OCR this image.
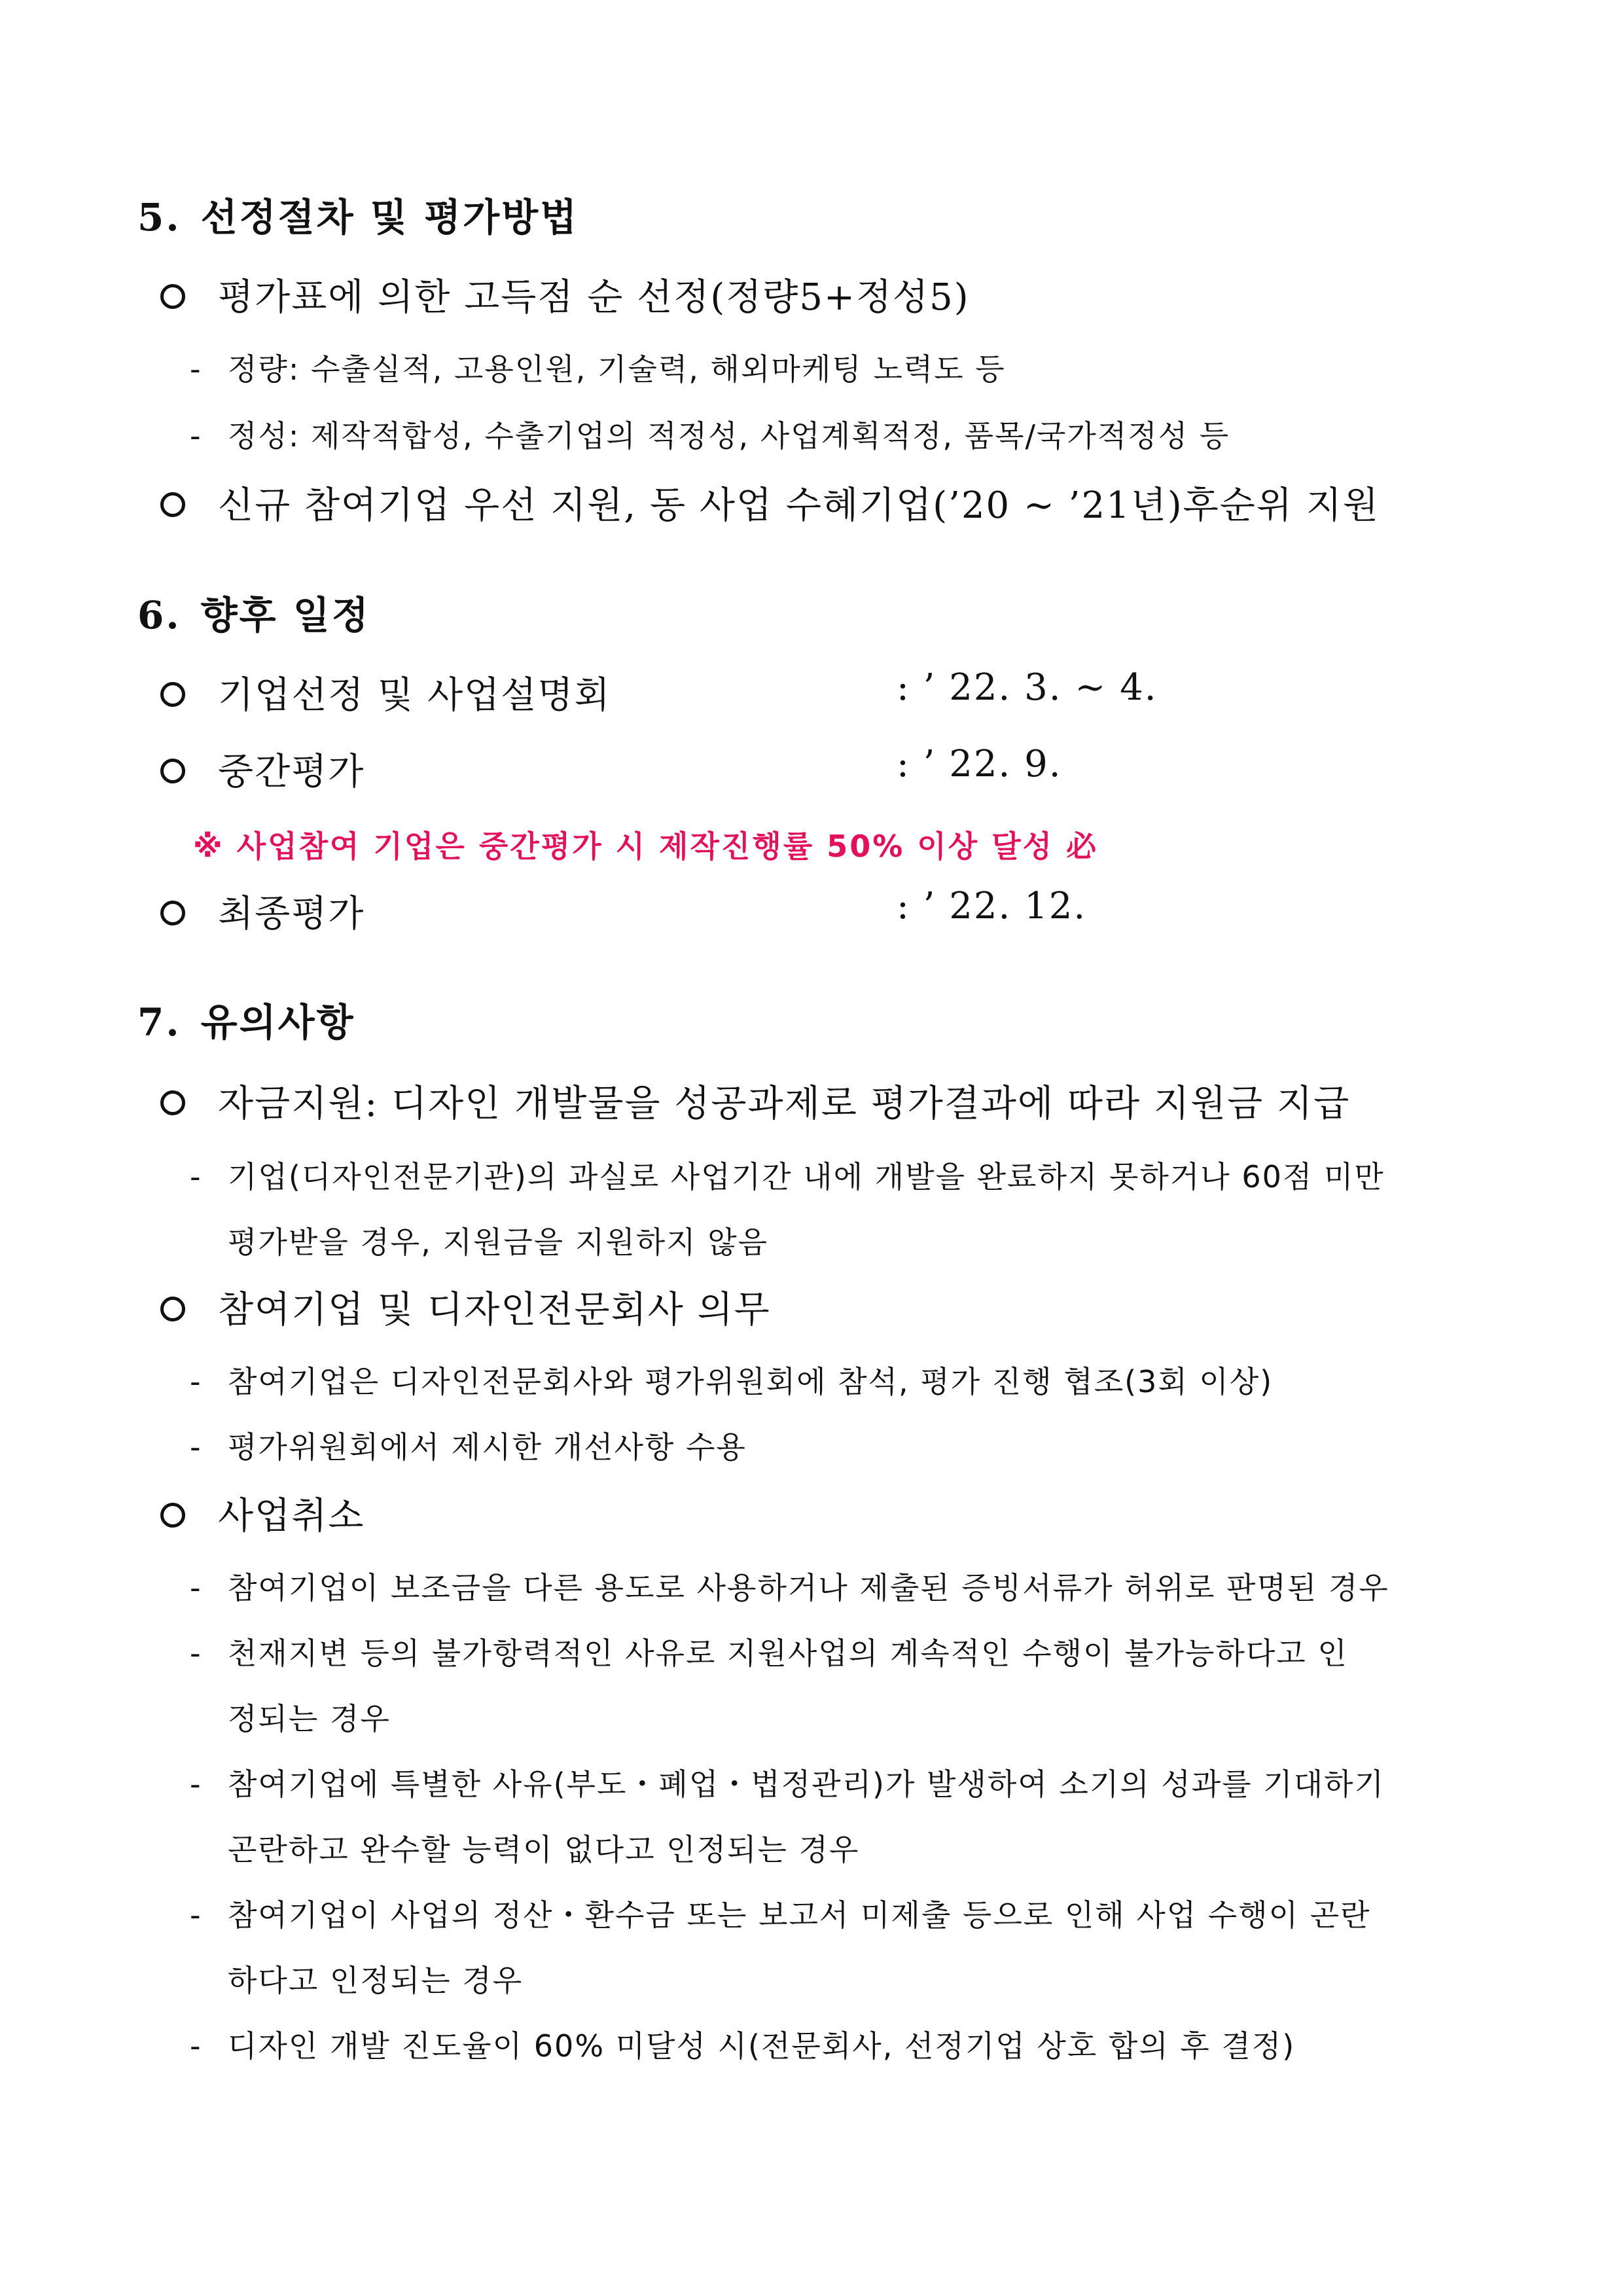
5. 선정절차 및 평가방법
평가표에 의한 고득점 순 선정(정량5+정성5)
- 정량: 수출실적, 고용인원, 기술력, 해외마케팅 노력도 등
- 정성: 제작적합성, 수출기업의 적정성, 사업계획적정, 품목/국가적정성 등
신규 참여기업 우선 지원, 동 사업 수혜기업(’20 ~ ’21년)후순위 지원
6. 향후 일정
기업선정 및 사업설명회	: ’ 22. 3. ~ 4.
중간평가	: ’ 22. 9.
※ 사업참여 기업은 중간평가 시 제작진행률 50% 이상 달성 必
최종평가	: ’ 22. 12.
7. 유의사항
자금지원: 디자인 개발물을 성공과제로 평가결과에 따라 지원금 지급
- 기업(디자인전문기관)의 과실로 사업기간 내에 개발을 완료하지 못하거나 60점 미만
평가받을 경우, 지원금을 지원하지 않음
참여기업 및 디자인전문회사 의무
- 참여기업은 디자인전문회사와 평가위원회에 참석, 평가 진행 협조(3회 이상)
- 평가위원회에서 제시한 개선사항 수용
사업취소
- 참여기업이 보조금을 다른 용도로 사용하거나 제출된 증빙서류가 허위로 판명된 경우
- 천재지변 등의 불가항력적인 사유로 지원사업의 계속적인 수행이 불가능하다고 인
정되는 경우
- 참여기업에 특별한 사유(부도・폐업・법정관리)가 발생하여 소기의 성과를 기대하기
곤란하고 완수할 능력이 없다고 인정되는 경우
- 참여기업이 사업의 정산・환수금 또는 보고서 미제출 등으로 인해 사업 수행이 곤란
하다고 인정되는 경우
- 디자인 개발 진도율이 60% 미달성 시(전문회사, 선정기업 상호 합의 후 결정)
